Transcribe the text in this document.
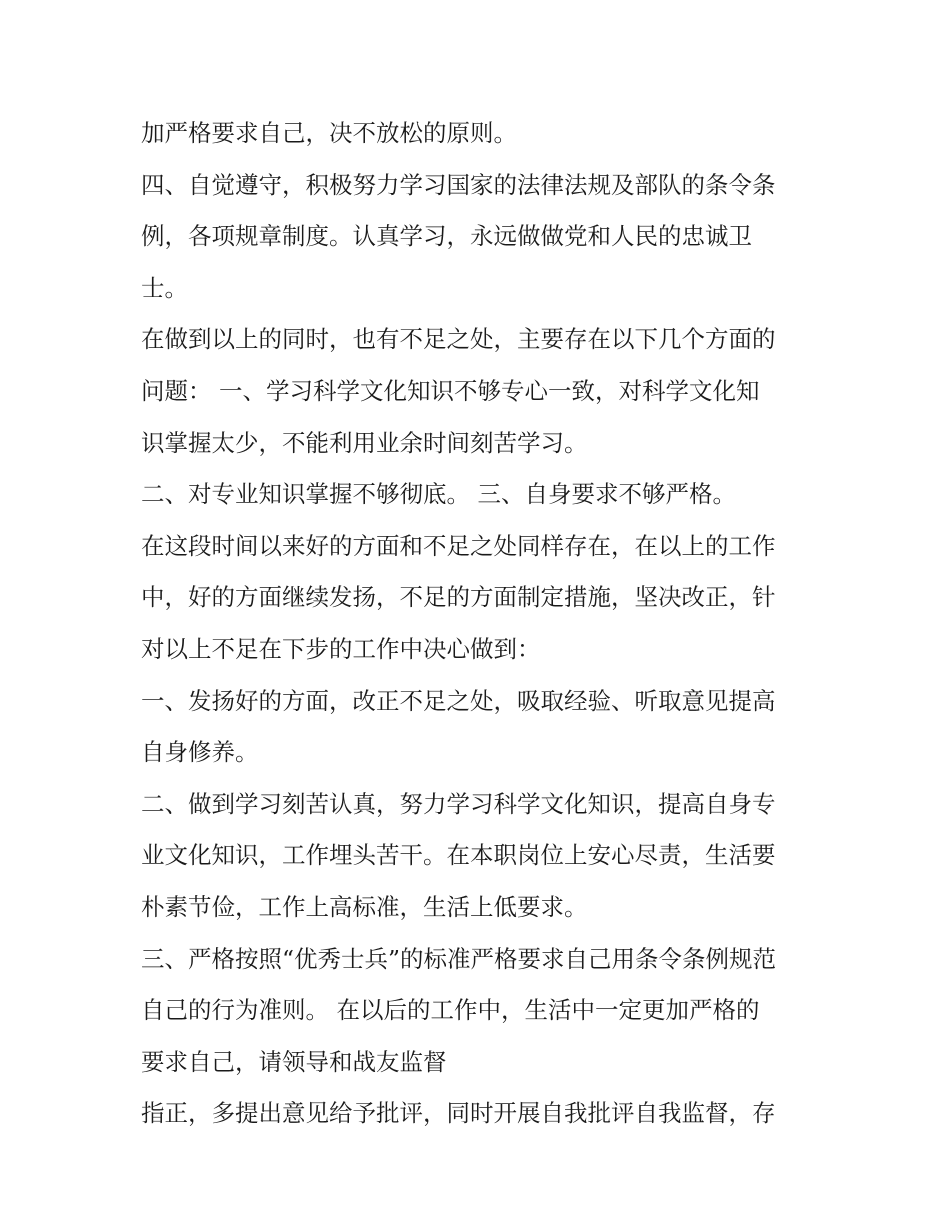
加严格要求自己，决不放松的原则。
四、自觉遵守，积极努力学习国家的法律法规及部队的条令条
例，各项规章制度。认真学习，永远做做党和人民的忠诚卫
士。
在做到以上的同时，也有不足之处，主要存在以下几个方面的
问题： 一、学习科学文化知识不够专心一致，对科学文化知
识掌握太少，不能利用业余时间刻苦学习。
二、对专业知识掌握不够彻底。 三、自身要求不够严格。
在这段时间以来好的方面和不足之处同样存在，在以上的工作
中，好的方面继续发扬，不足的方面制定措施，坚决改正，针
对以上不足在下步的工作中决心做到：
一、发扬好的方面，改正不足之处，吸取经验、听取意见提高
自身修养。
二、做到学习刻苦认真，努力学习科学文化知识，提高自身专
业文化知识，工作埋头苦干。在本职岗位上安心尽责，生活要
朴素节俭，工作上高标准，生活上低要求。
三、严格按照“优秀士兵”的标准严格要求自己用条令条例规范
自己的行为准则。 在以后的工作中，生活中一定更加严格的
要求自己，请领导和战友监督
指正，多提出意见给予批评，同时开展自我批评自我监督，存
